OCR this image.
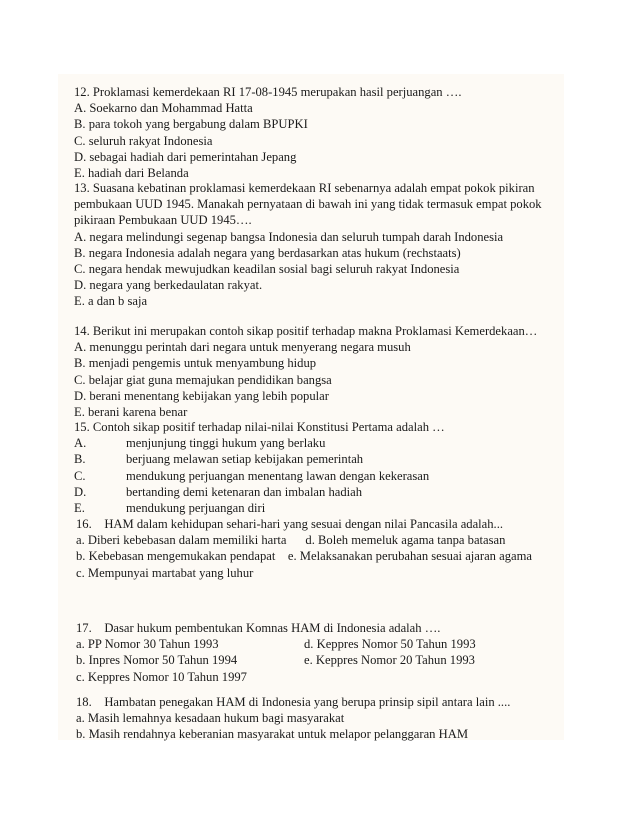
12. Proklamasi kemerdekaan RI 17-08-1945 merupakan hasil perjuangan ….

A. Soekarno dan Mohammad Hatta

B. para tokoh yang bergabung dalam BPUPKI

C. seluruh rakyat Indonesia

D. sebagai hadiah dari pemerintahan Jepang

E. hadiah dari Belanda

13. Suasana kebatinan proklamasi kemerdekaan RI sebenarnya adalah empat pokok pikiran

pembukaan UUD 1945. Manakah pernyataan di bawah ini yang tidak termasuk empat pokok

pikiraan Pembukaan UUD 1945….

A. negara melindungi segenap bangsa Indonesia dan seluruh tumpah darah Indonesia

B. negara Indonesia adalah negara yang berdasarkan atas hukum (rechstaats)

C. negara hendak mewujudkan keadilan sosial bagi seluruh rakyat Indonesia

D. negara yang berkedaulatan rakyat.

E. a dan b saja

14. Berikut ini merupakan contoh sikap positif terhadap makna Proklamasi Kemerdekaan…

A. menunggu perintah dari negara untuk menyerang negara musuh

B. menjadi pengemis untuk menyambung hidup

C. belajar giat guna memajukan pendidikan bangsa

D. berani menentang kebijakan yang lebih popular

E. berani karena benar

15. Contoh sikap positif terhadap nilai-nilai Konstitusi Pertama adalah …

A.	menjunjung tinggi hukum yang berlaku

B.	berjuang melawan setiap kebijakan pemerintah

C.	mendukung perjuangan menentang lawan dengan kekerasan

D.	bertanding demi ketenaran dan imbalan hadiah

E.	mendukung perjuangan diri

16.    HAM dalam kehidupan sehari-hari yang sesuai dengan nilai Pancasila adalah...

a. Diberi kebebasan dalam memiliki harta      d. Boleh memeluk agama tanpa batasan

b. Kebebasan mengemukakan pendapat    e. Melaksanakan perubahan sesuai ajaran agama

c. Mempunyai martabat yang luhur

17.    Dasar hukum pembentukan Komnas HAM di Indonesia adalah ….

a. PP Nomor 30 Tahun 1993	d. Keppres Nomor 50 Tahun 1993

b. Inpres Nomor 50 Tahun 1994	e. Keppres Nomor 20 Tahun 1993

c. Keppres Nomor 10 Tahun 1997

18.    Hambatan penegakan HAM di Indonesia yang berupa prinsip sipil antara lain ....

a. Masih lemahnya kesadaan hukum bagi masyarakat

b. Masih rendahnya keberanian masyarakat untuk melapor pelanggaran HAM
